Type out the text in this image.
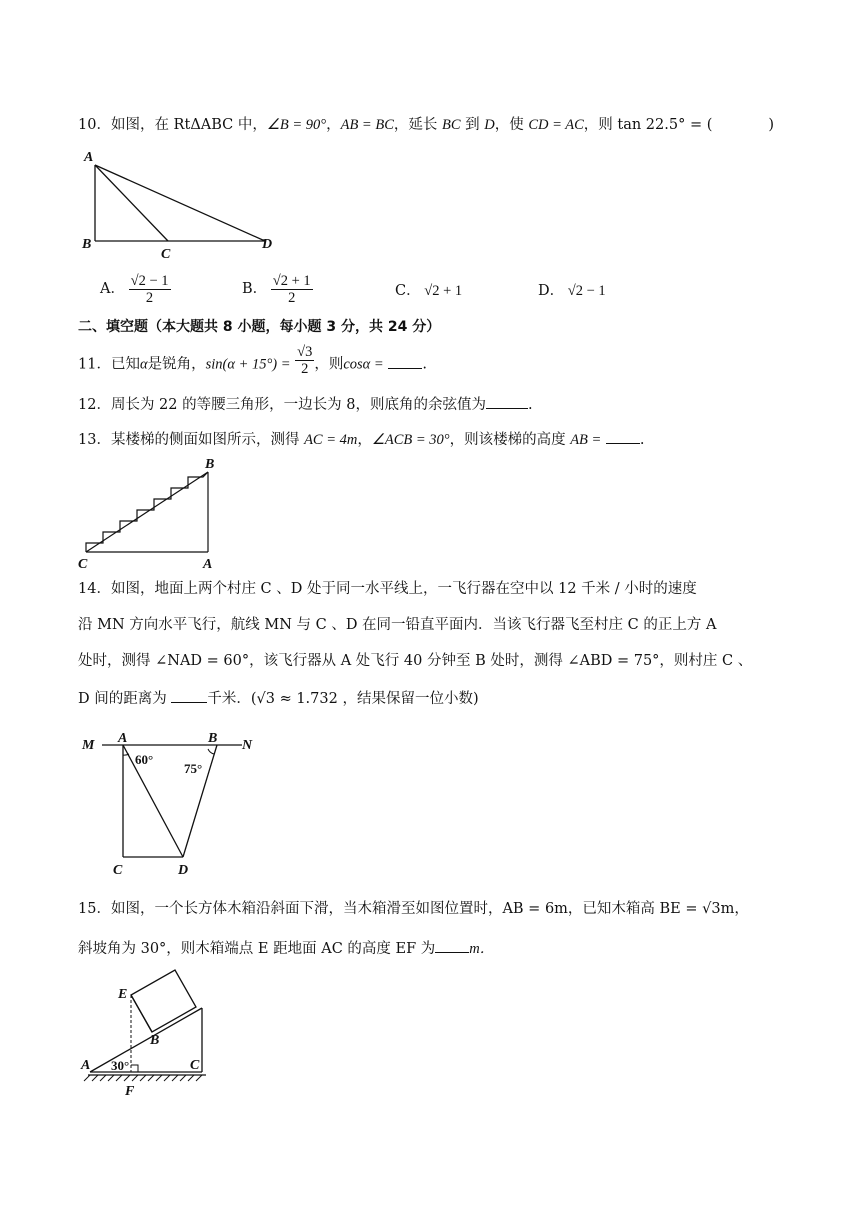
10．如图，在 RtΔABC 中，∠B = 90°，AB = BC，延长 BC 到 D，使 CD = AC，则 tan 22.5° = (	)
A
B
C
D
A． $\frac{√2 - 1}{2}$	B． $\frac{√2 + 1}{2}$	C． √2 + 1	D． √2 − 1
二、填空题（本大题共 8 小题，每小题 3 分，共 24 分）
11．已知α是锐角，$\sin(\alpha + 15^\circ) = \frac{√3}{2}$ ，则cosα =	.
12．周长为 22 的等腰三角形，一边长为 8，则底角的余弦值为	.
13．某楼梯的侧面如图所示，测得 AC = 4m，∠ACB = 30°，则该楼梯的高度 AB =	.
B
C	A
14．如图，地面上两个村庄 C 、D 处于同一水平线上，一飞行器在空中以 12 千米 / 小时的速度
沿 MN 方向水平飞行，航线 MN 与 C 、D 在同一铅直平面内．当该飞行器飞至村庄 C 的正上方 A
处时，测得 ∠NAD = 60°，该飞行器从 A 处飞行 40 分钟至 B 处时，测得 ∠ABD = 75°，则村庄 C 、
D 间的距离为 千米．(√3 ≈ 1.732 ，结果保留一位小数)
M A	B N
60°
75°
C	D
15．如图，一个长方体木箱沿斜面下滑，当木箱滑至如图位置时，AB = 6m，已知木箱高 BE = √3m，
斜坡角为 30°，则木箱端点 E 距地面 AC 的高度 EF 为 m．
E
B
A 30°	C
F
